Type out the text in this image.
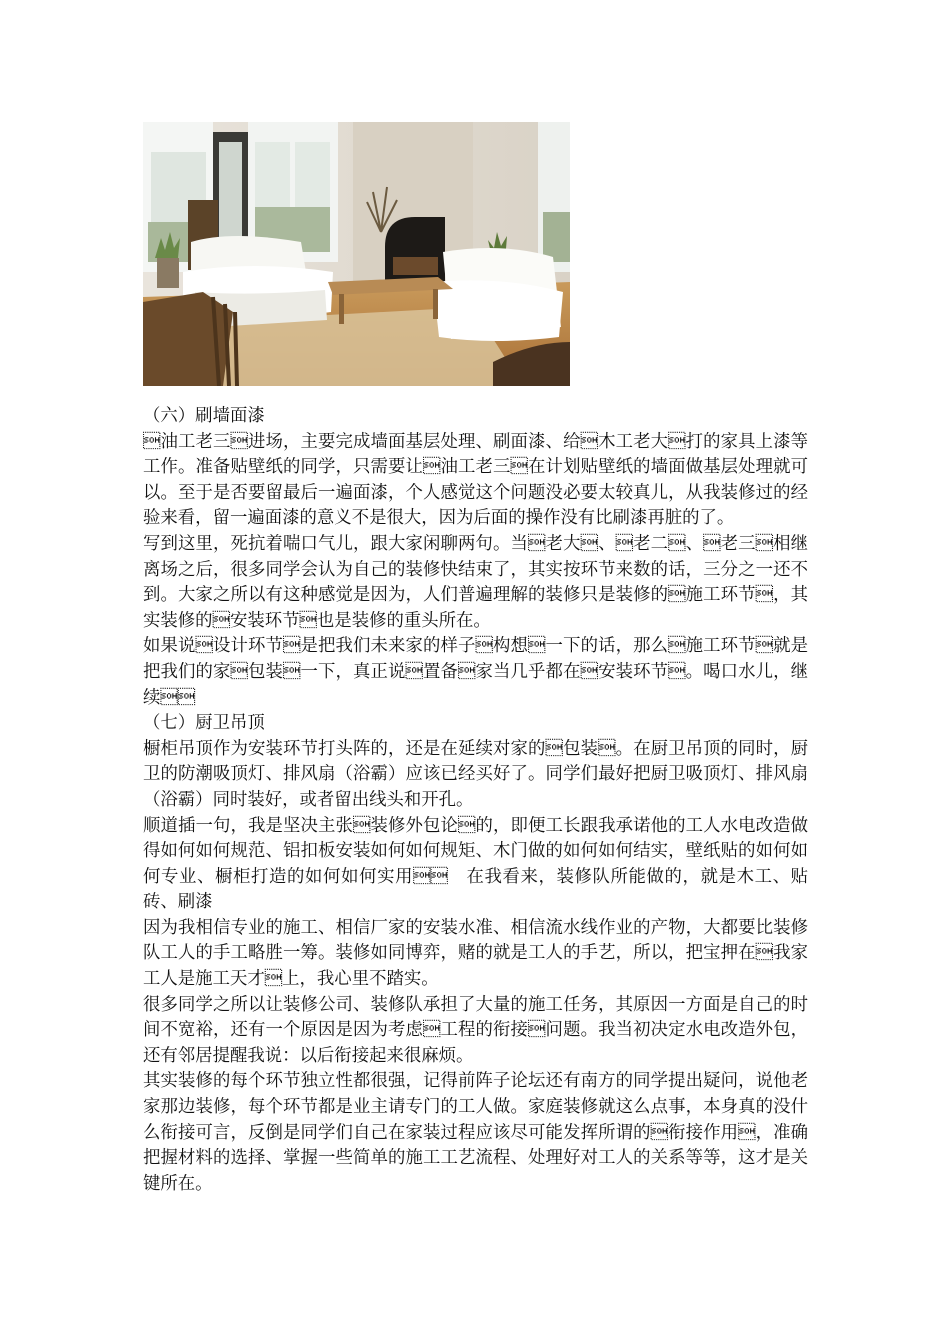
（六）刷墙面漆

油工老三进场，主要完成墙面基层处理、刷面漆、给木工老大打的家具上漆等工作。准备贴壁纸的同学，只需要让油工老三在计划贴壁纸的墙面做基层处理就可以。至于是否要留最后一遍面漆，个人感觉这个问题没必要太较真儿，从我装修过的经验来看，留一遍面漆的意义不是很大，因为后面的操作没有比刷漆再脏的了。

写到这里，死抗着喘口气儿，跟大家闲聊两句。当老大、老二、老三相继离场之后，很多同学会认为自己的装修快结束了，其实按环节来数的话，三分之一还不到。大家之所以有这种感觉是因为，人们普遍理解的装修只是装修的施工环节，其实装修的安装环节也是装修的重头所在。

如果说设计环节是把我们未来家的样子构想一下的话，那么施工环节就是把我们的家包装一下，真正说置备家当几乎都在安装环节。喝口水儿，继续

（七）厨卫吊顶

橱柜吊顶作为安装环节打头阵的，还是在延续对家的包装。在厨卫吊顶的同时，厨卫的防潮吸顶灯、排风扇（浴霸）应该已经买好了。同学们最好把厨卫吸顶灯、排风扇（浴霸）同时装好，或者留出线头和开孔。

顺道插一句，我是坚决主张装修外包论的，即便工长跟我承诺他的工人水电改造做得如何如何规范、铝扣板安装如何如何规矩、木门做的如何如何结实，壁纸贴的如何如何专业、橱柜打造的如何如何实用　在我看来，装修队所能做的，就是木工、贴砖、刷漆

因为我相信专业的施工、相信厂家的安装水准、相信流水线作业的产物，大都要比装修队工人的手工略胜一筹。装修如同博弈，赌的就是工人的手艺，所以，把宝押在我家工人是施工天才上，我心里不踏实。

很多同学之所以让装修公司、装修队承担了大量的施工任务，其原因一方面是自己的时间不宽裕，还有一个原因是因为考虑工程的衔接问题。我当初决定水电改造外包，还有邻居提醒我说：以后衔接起来很麻烦。

其实装修的每个环节独立性都很强，记得前阵子论坛还有南方的同学提出疑问，说他老家那边装修，每个环节都是业主请专门的工人做。家庭装修就这么点事，本身真的没什么衔接可言，反倒是同学们自己在家装过程应该尽可能发挥所谓的衔接作用，准确把握材料的选择、掌握一些简单的施工工艺流程、处理好对工人的关系等等，这才是关键所在。
